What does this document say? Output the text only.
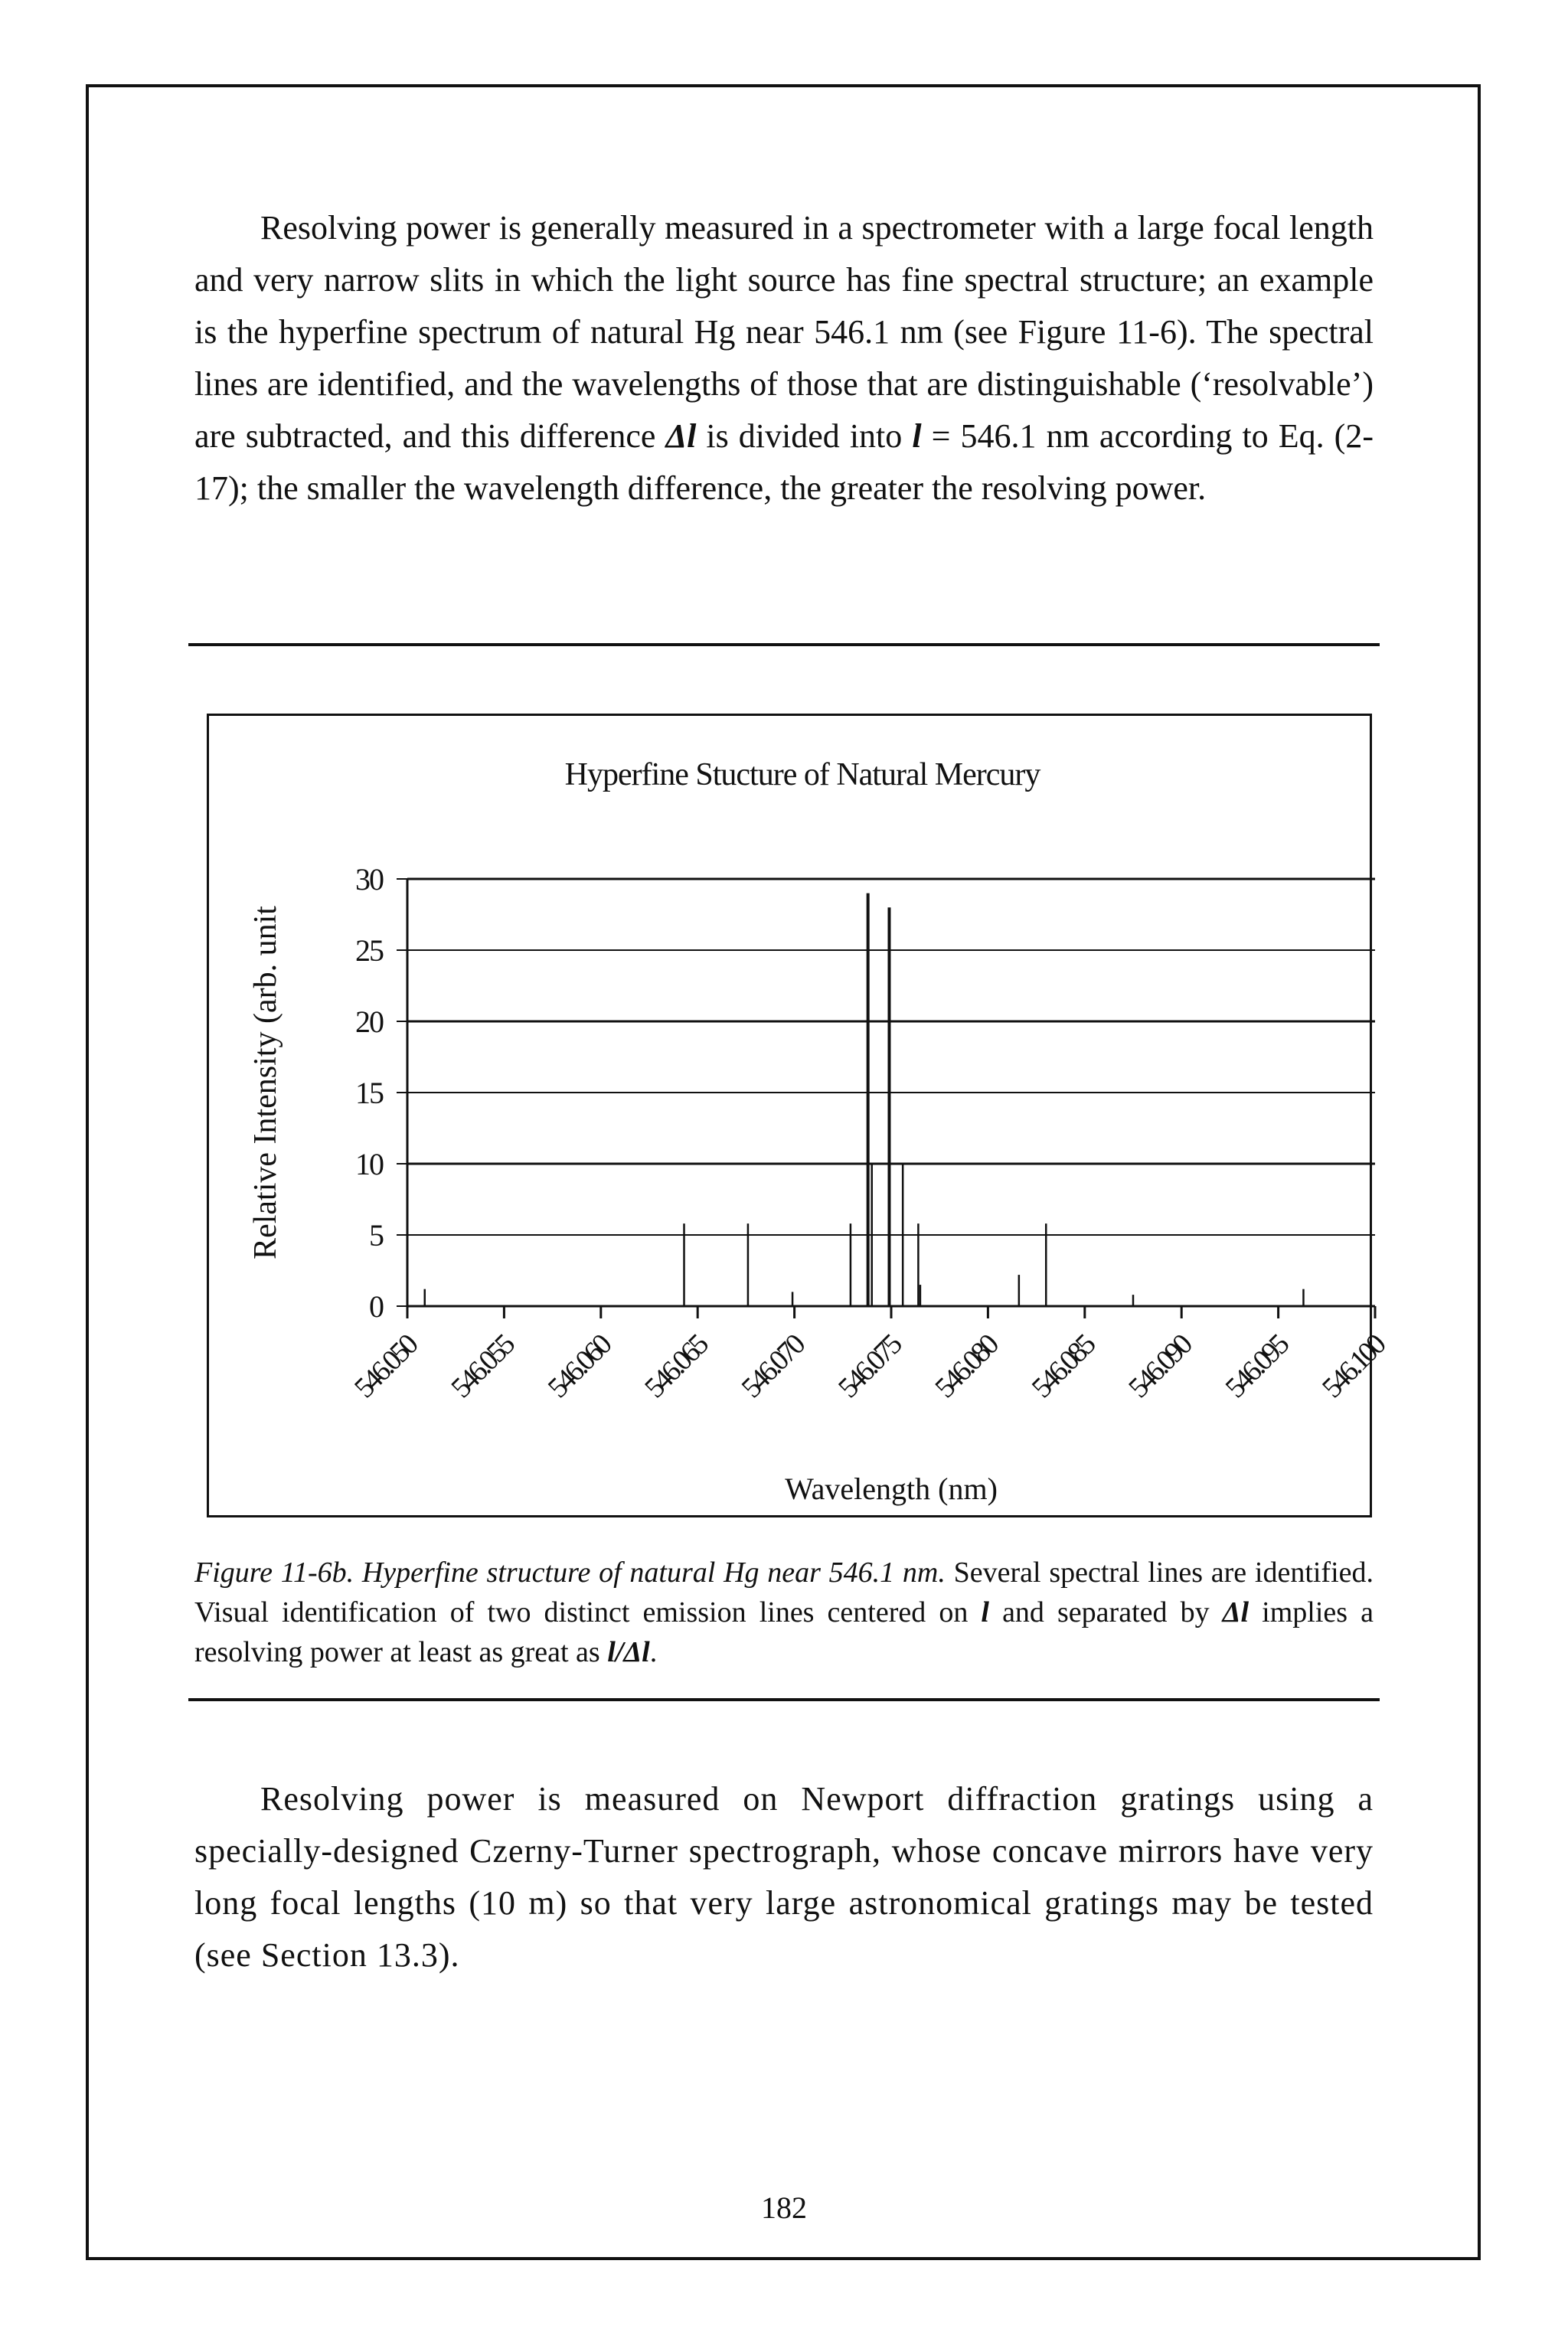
Resolving power is generally measured in a spectrometer with a large focal length and very narrow slits in which the light source has fine spectral structure; an example is the hyperfine spectrum of natural Hg near 546.1 nm (see Figure 11-6). The spectral lines are identified, and the wavelengths of those that are distinguishable (‘resolvable’) are subtracted, and this difference Δl is divided into l = 546.1 nm according to Eq. (2-17); the smaller the wavelength difference, the greater the resolving power.

Hyperfine Stucture of Natural Mercury
0
5
10
15
20
25
30
546.050 546.055 546.060 546.065 546.070 546.075 546.080 546.085 546.090 546.095 546.100
Wavelength (nm)
Relative Intensity (arb. unit

Figure 11-6b. Hyperfine structure of natural Hg near 546.1 nm. Several spectral lines are identified. Visual identification of two distinct emission lines centered on l and separated by Δl implies a resolving power at least as great as l/Δl.

Resolving power is measured on Newport diffraction gratings using a specially-designed Czerny-Turner spectrograph, whose concave mirrors have very long focal lengths (10 m) so that very large astronomical gratings may be tested (see Section 13.3).

182
